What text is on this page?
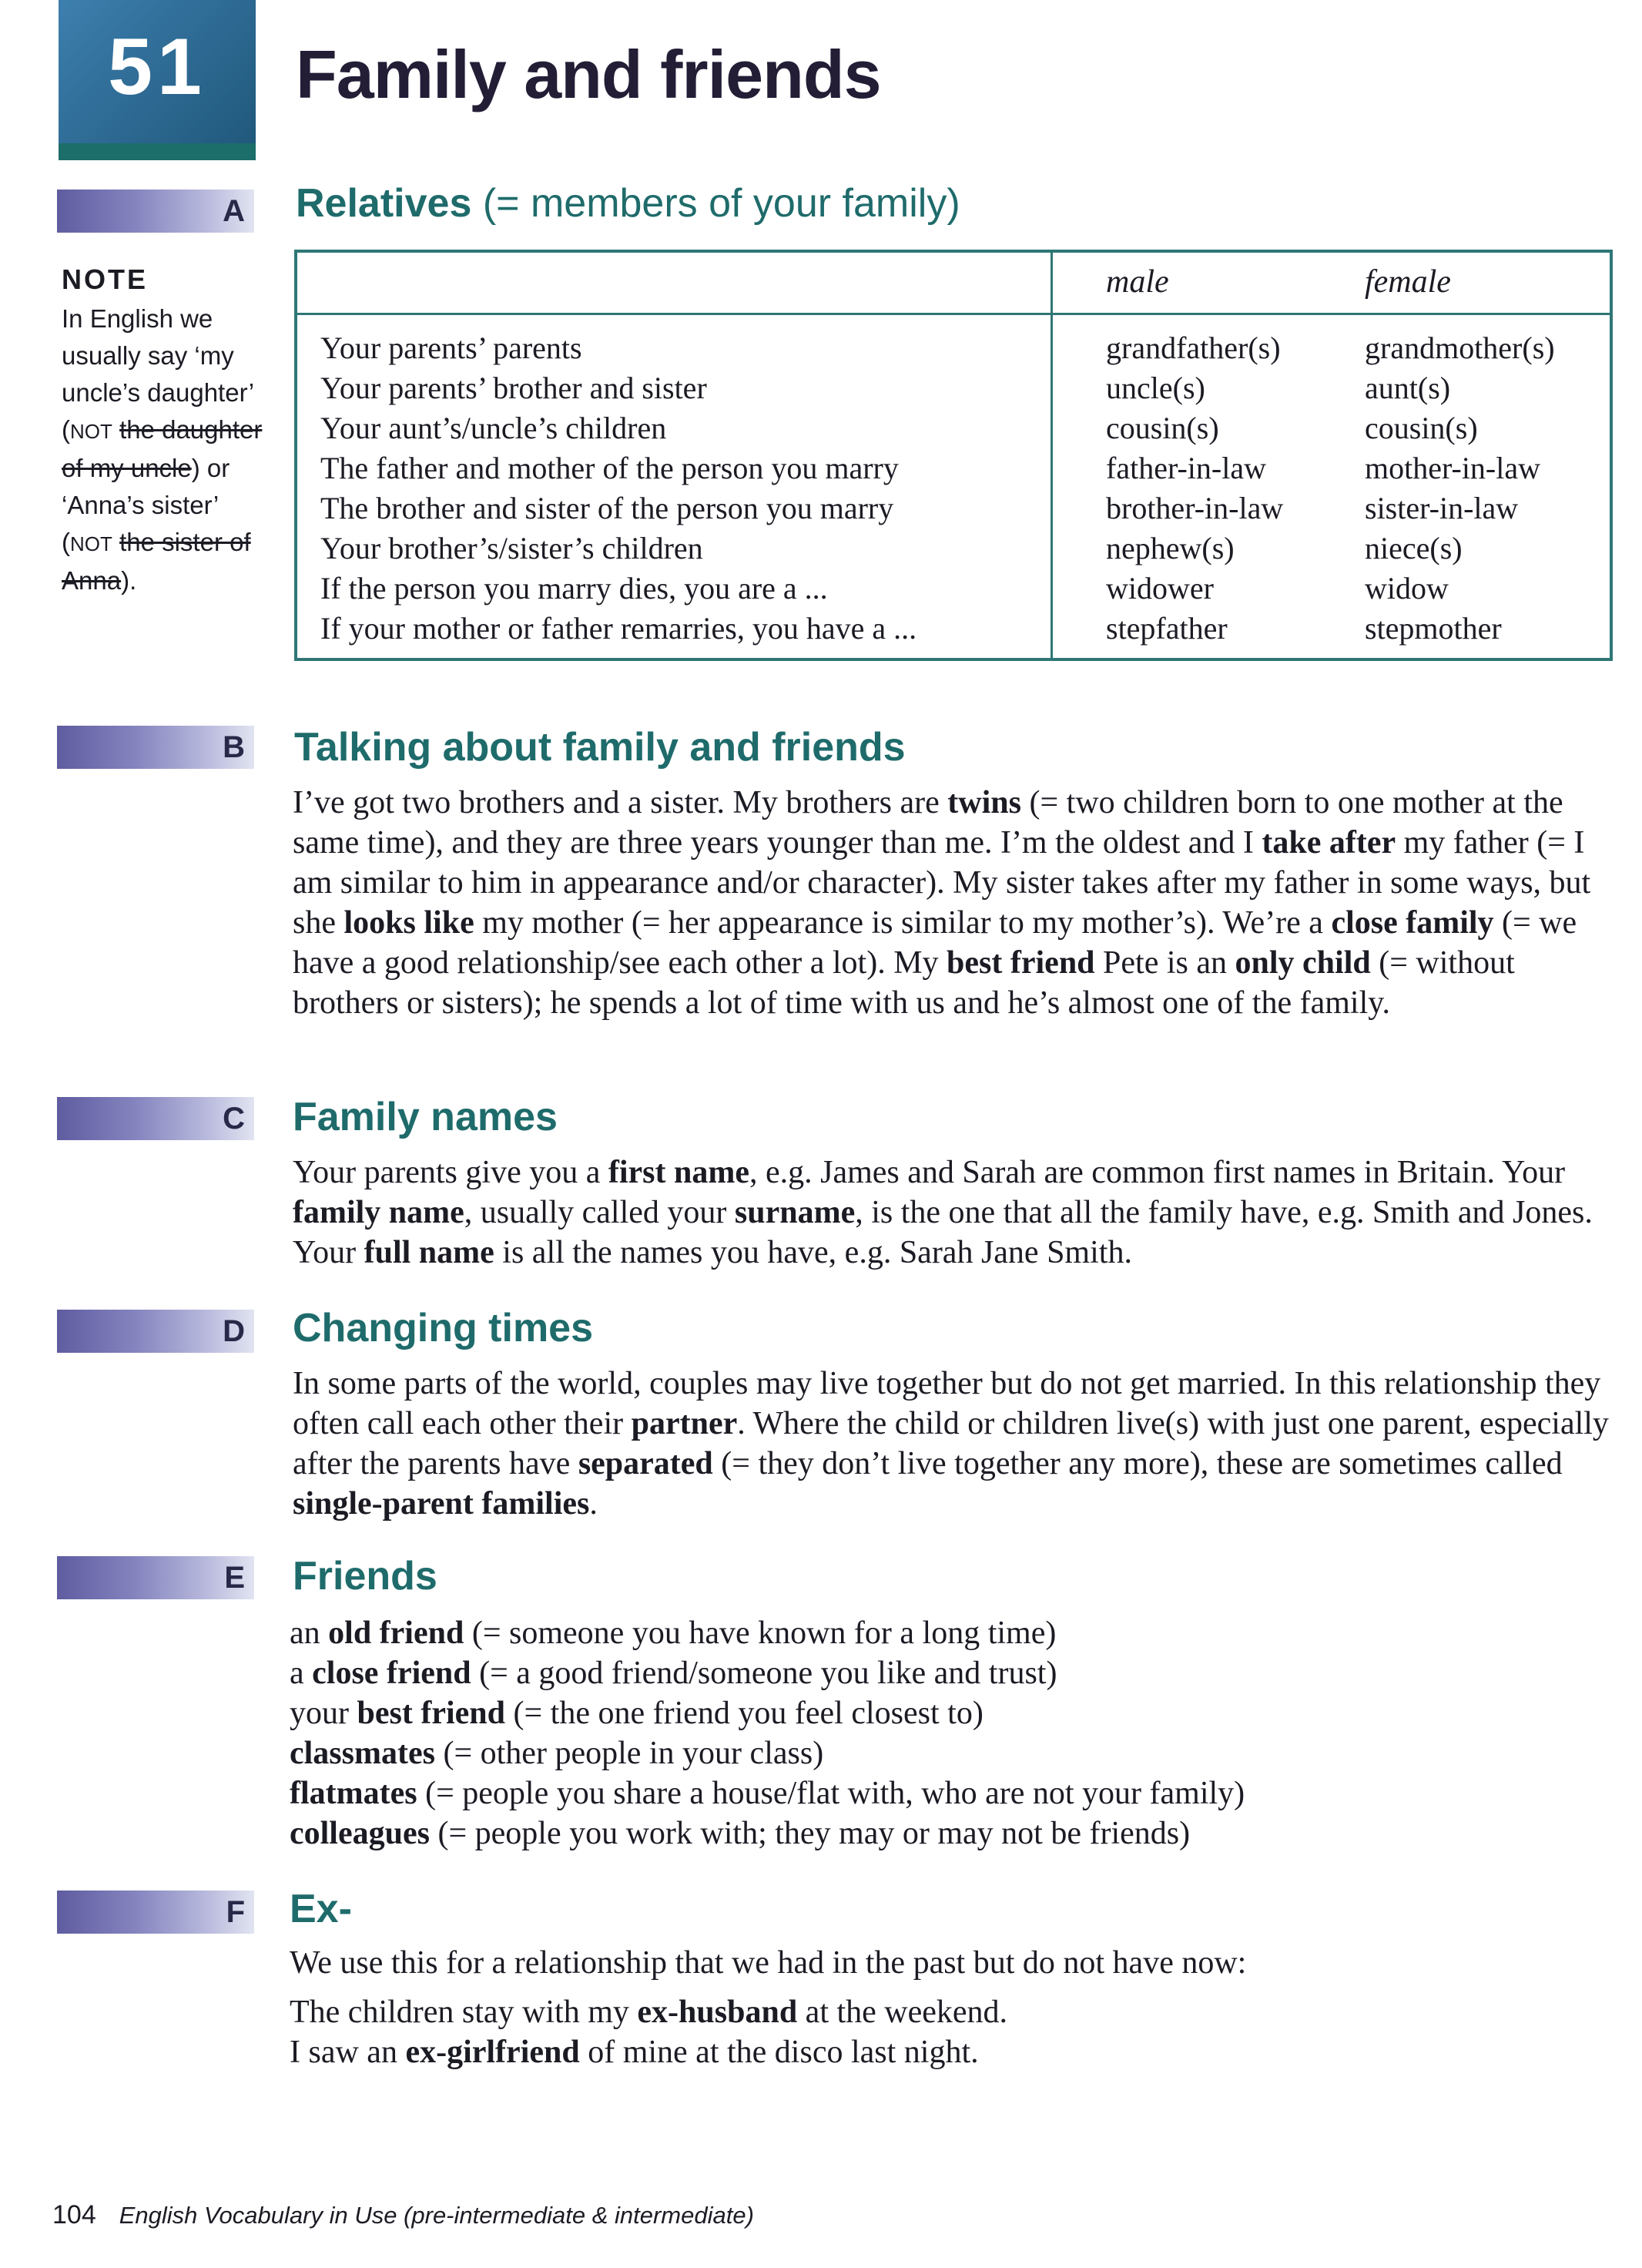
51	Family and friends
A Relatives (= members of your family)
NOTE
In English we usually say ‘my uncle’s daughter’ (NOT the daughter of my uncle) or ‘Anna’s sister’ (NOT the sister of Anna).
male	female
Your parents’ parents
Your parents’ brother and sister
Your aunt’s/uncle’s children
The father and mother of the person you marry
The brother and sister of the person you marry
Your brother’s/sister’s children
If the person you marry dies, you are a ...
If your mother or father remarries, you have a ...
grandfather(s)
uncle(s)
cousin(s)
father-in-law
brother-in-law
nephew(s)
widower
stepfather
grandmother(s)
aunt(s)
cousin(s)
mother-in-law
sister-in-law
niece(s)
widow
stepmother
B Talking about family and friends

I’ve got two brothers and a sister. My brothers are twins (= two children born to one mother at the same time), and they are three years younger than me. I’m the oldest and I take after my father (= I am similar to him in appearance and/or character). My sister takes after my father in some ways, but she looks like my mother (= her appearance is similar to my mother’s). We’re a close family (= we have a good relationship/see each other a lot). My best friend Pete is an only child (= without brothers or sisters); he spends a lot of time with us and he’s almost one of the family.

C Family names

Your parents give you a first name, e.g. James and Sarah are common first names in Britain. Your family name, usually called your surname, is the one that all the family have, e.g. Smith and Jones. Your full name is all the names you have, e.g. Sarah Jane Smith.

D Changing times

In some parts of the world, couples may live together but do not get married. In this relationship they often call each other their partner. Where the child or children live(s) with just one parent, especially after the parents have separated (= they don’t live together any more), these are sometimes called single-parent families.

E Friends
an old friend (= someone you have known for a long time)
a close friend (= a good friend/someone you like and trust)
your best friend (= the one friend you feel closest to)
classmates (= other people in your class)
flatmates (= people you share a house/flat with, who are not your family)
colleagues (= people you work with; they may or may not be friends)
F Ex-
We use this for a relationship that we had in the past but do not have now:
The children stay with my ex-husband at the weekend.
I saw an ex-girlfriend of mine at the disco last night.
104 English Vocabulary in Use (pre-intermediate & intermediate)
